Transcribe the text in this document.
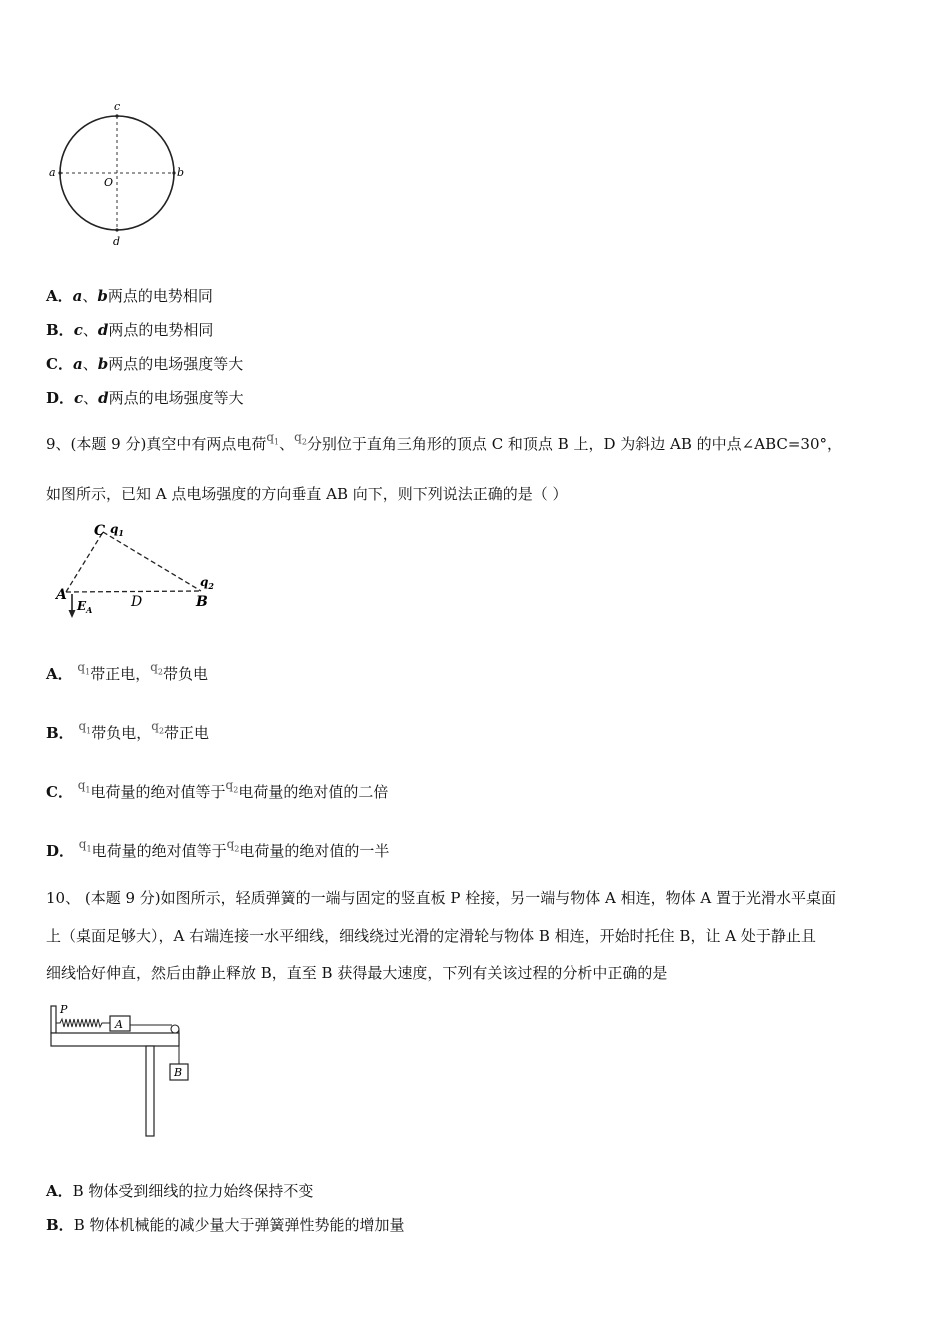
c
a	b
O
d
A．a、b两点的电势相同
B．c、d两点的电势相同
C．a、b两点的电场强度等大
D．c、d两点的电场强度等大
9、(本题 9 分)真空中有两点电荷$^{q_1}$、$^{q_2}$分别位于直角三角形的顶点 C 和顶点 B 上，D 为斜边 AB 的中点∠ABC=30°，
如图所示，已知 A 点电场强度的方向垂直 AB 向下，则下列说法正确的是（ ）
C $q_1$
$q_2$
A	D	B
$E_A$
A． $^{q_1}$带正电，$^{q_2}$带负电
B． $^{q_1}$带负电，$^{q_2}$带正电
C． $^{q_1}$电荷量的绝对值等于$^{q_2}$电荷量的绝对值的二倍
D． $^{q_1}$电荷量的绝对值等于$^{q_2}$电荷量的绝对值的一半
10、 (本题 9 分)如图所示，轻质弹簧的一端与固定的竖直板 P 栓接，另一端与物体 A 相连，物体 A 置于光滑水平桌面
上（桌面足够大），A 右端连接一水平细线，细线绕过光滑的定滑轮与物体 B 相连，开始时托住 B，让 A 处于静止且
细线恰好伸直，然后由静止释放 B，直至 B 获得最大速度，下列有关该过程的分析中正确的是
P
A
B
A．B 物体受到细线的拉力始终保持不变
B．B 物体机械能的减少量大于弹簧弹性势能的增加量
